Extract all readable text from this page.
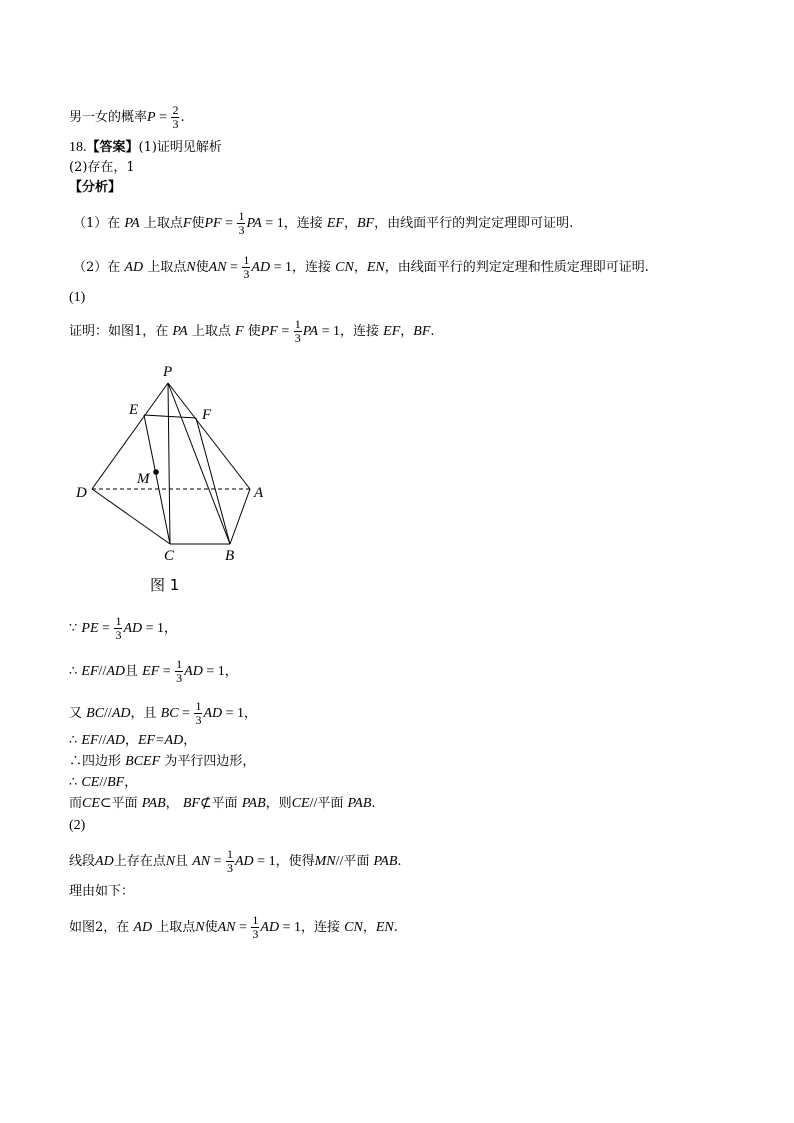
男一女的概率$P = \frac{2}{3}$ .
18.【答案】(1)证明见解析
(2)存在，1
【分析】
（1）在 PA 上取点F使PF = $\frac{1}{3}$ PA = 1，连接 EF，BF，由线面平行的判定定理即可证明.
（2）在 AD 上取点N使AN = $\frac{1}{3}$ AD = 1，连接 CN，EN，由线面平行的判定定理和性质定理即可证明.
(1)
证明：如图1，在 PA 上取点 F 使PF = $\frac{1}{3}$ PA = 1，连接 EF，BF.
P
E	F
M
D	A
C	B
图 1
∵ PE = $\frac{1}{3}$ AD = 1，
∴ EF//AD且 EF = $\frac{1}{3}$ AD = 1，
又 BC//AD，且 BC = $\frac{1}{3}$ AD = 1，
∴ EF//AD，EF=AD，
∴四边形 BCEF 为平行四边形，
∴ CE//BF，
而CE⊂平面 PAB， BF⊄平面 PAB，则CE//平面 PAB.
(2)
线段AD上存在点N且 AN = $\frac{1}{3}$ AD = 1，使得MN//平面 PAB.
理由如下：
如图2，在 AD 上取点N使AN = $\frac{1}{3}$ AD = 1，连接 CN，EN.
